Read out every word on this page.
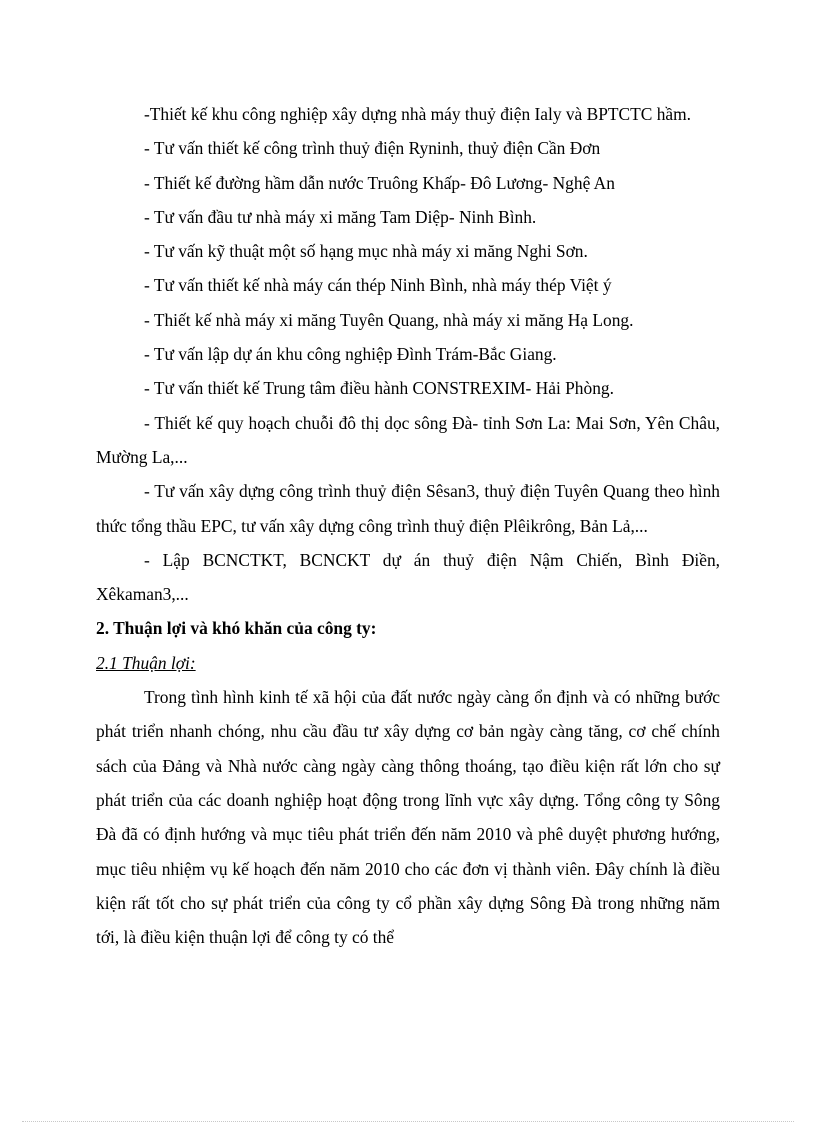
-Thiết kế khu công nghiệp xây dựng nhà máy thuỷ điện Ialy và BPTCTC hầm.

- Tư vấn thiết kế công trình thuỷ điện Ryninh, thuỷ điện Cần Đơn

- Thiết kế đường hầm dẫn nước Truông Khấp- Đô Lương- Nghệ An

- Tư vấn đầu tư nhà máy xi măng Tam Diệp- Ninh Bình.

- Tư vấn kỹ thuật một số hạng mục nhà máy xi măng Nghi Sơn.

- Tư vấn thiết kế nhà máy cán thép Ninh Bình, nhà máy thép Việt ý

- Thiết kế nhà máy xi măng Tuyên Quang, nhà máy xi măng Hạ Long.

- Tư vấn lập dự án khu công nghiệp Đình Trám-Bắc Giang.

- Tư vấn thiết kế Trung tâm điều hành CONSTREXIM- Hải Phòng.

- Thiết kế quy hoạch chuỗi đô thị dọc sông Đà- tỉnh Sơn La: Mai Sơn, Yên Châu, Mường La,...

- Tư vấn xây dựng công trình thuỷ điện Sêsan3, thuỷ điện Tuyên Quang theo hình thức tổng thầu EPC, tư vấn xây dựng công trình thuỷ điện Plêikrông, Bản Lả,...

- Lập BCNCTKT, BCNCKT dự án thuỷ điện Nậm Chiến, Bình Điền, Xêkaman3,...

2. Thuận lợi và khó khăn của công ty:

2.1 Thuận lợi:

Trong tình hình kinh tế xã hội của đất nước ngày càng ổn định và có những bước phát triển nhanh chóng, nhu cầu đầu tư xây dựng cơ bản ngày càng tăng, cơ chế chính sách của Đảng và Nhà nước càng ngày càng thông thoáng, tạo điều kiện rất lớn cho sự phát triển của các doanh nghiệp hoạt động trong lĩnh vực xây dựng. Tổng công ty Sông Đà đã có định hướng và mục tiêu phát triển đến năm 2010 và phê duyệt phương hướng, mục tiêu nhiệm vụ kế hoạch đến năm 2010 cho các đơn vị thành viên. Đây chính là điều kiện rất tốt cho sự phát triển của công ty cổ phần xây dựng Sông Đà trong những năm tới, là điều kiện thuận lợi để công ty có thể
